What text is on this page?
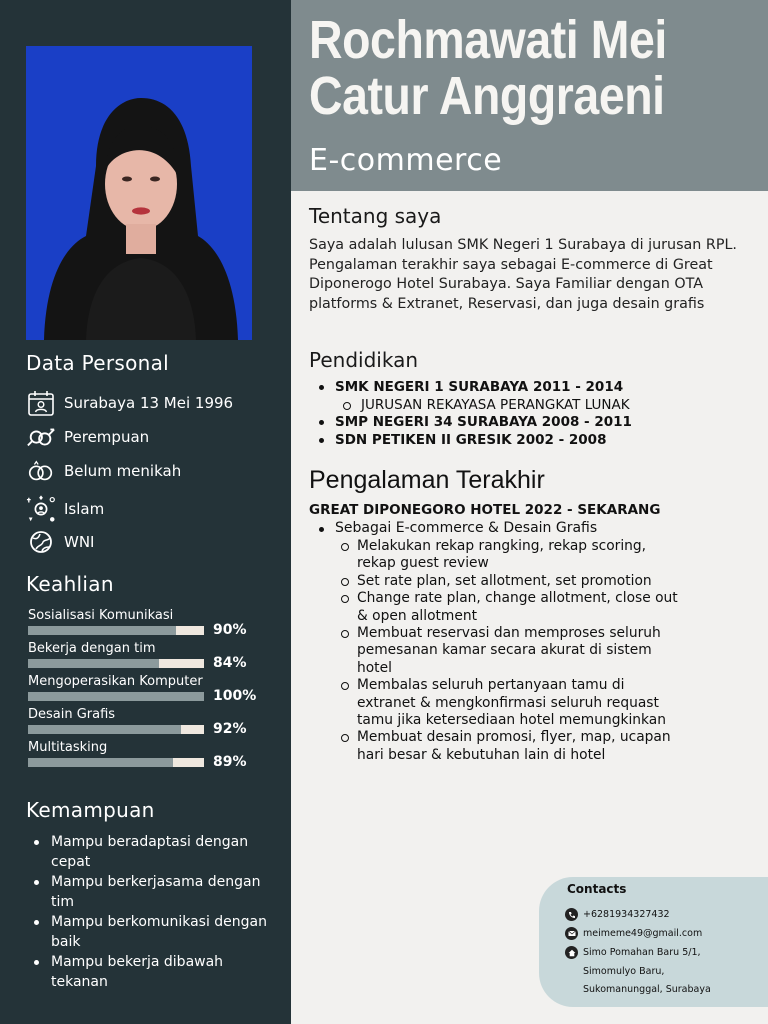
Data Personal
Surabaya 13 Mei 1996
Perempuan
Belum menikah
Islam
WNI
Keahlian
Sosialisasi Komunikasi
90%
Bekerja dengan tim
84%
Mengoperasikan Komputer
100%
Desain Grafis
92%
Multitasking
89%
Kemampuan
Mampu beradaptasi dengan cepat
Mampu berkerjasama dengan tim
Mampu berkomunikasi dengan baik
Mampu bekerja dibawah tekanan
Rochmawati Mei
Catur Anggraeni
E-commerce
Tentang saya
Saya adalah lulusan SMK Negeri 1 Surabaya di jurusan RPL. Pengalaman terakhir saya sebagai E-commerce di Great Diponerogo Hotel Surabaya. Saya Familiar dengan OTA platforms & Extranet, Reservasi, dan juga desain grafis
Pendidikan
SMK NEGERI 1 SURABAYA 2011 - 2014
JURUSAN REKAYASA PERANGKAT LUNAK
SMP NEGERI 34 SURABAYA 2008 - 2011
SDN PETIKEN II GRESIK 2002 - 2008
Pengalaman Terakhir
GREAT DIPONEGORO HOTEL 2022 - SEKARANG
Sebagai E-commerce & Desain Grafis
Melakukan rekap rangking, rekap scoring, rekap guest review
Set rate plan, set allotment, set promotion
Change rate plan, change allotment, close out & open allotment
Membuat reservasi dan memproses seluruh pemesanan kamar secara akurat di sistem hotel
Membalas seluruh pertanyaan tamu di extranet & mengkonfirmasi seluruh requast tamu jika ketersediaan hotel memungkinkan
Membuat desain promosi, flyer, map, ucapan hari besar & kebutuhan lain di hotel
Contacts
+6281934327432
meimeme49@gmail.com
Simo Pomahan Baru 5/1,
Simomulyo Baru,
Sukomanunggal, Surabaya
